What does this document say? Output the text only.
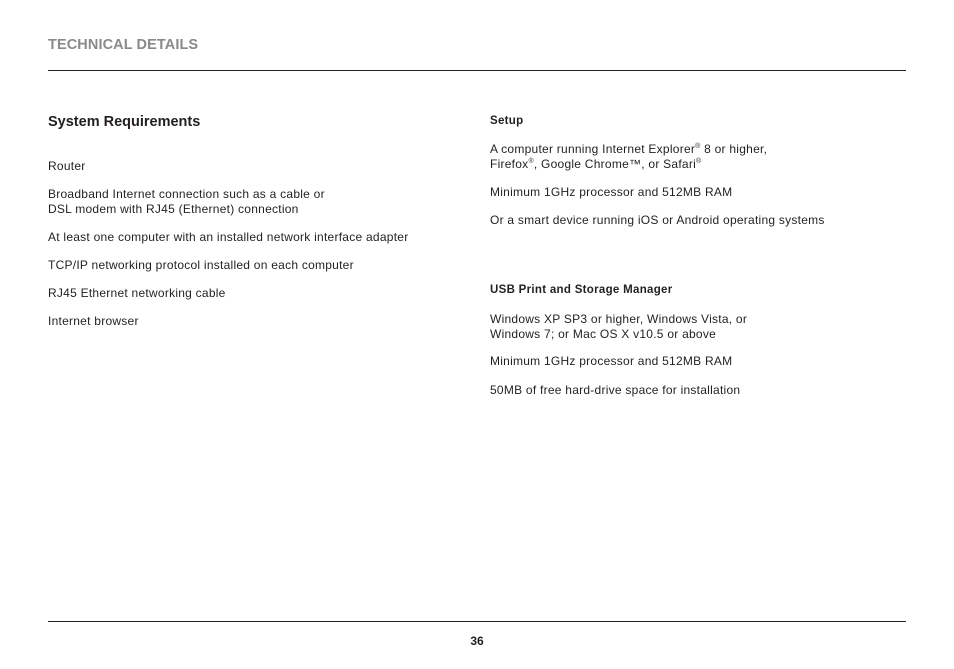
TECHNICAL DETAILS
System Requirements
Router
Broadband Internet connection such as a cable or
DSL modem with RJ45 (Ethernet) connection
At least one computer with an installed network interface adapter
TCP/IP networking protocol installed on each computer
RJ45 Ethernet networking cable
Internet browser
Setup
A computer running Internet Explorer® 8 or higher,
Firefox®, Google Chrome™, or Safari®
Minimum 1GHz processor and 512MB RAM
Or a smart device running iOS or Android operating systems
USB Print and Storage Manager
Windows XP SP3 or higher, Windows Vista, or
Windows 7; or Mac OS X v10.5 or above
Minimum 1GHz processor and 512MB RAM
50MB of free hard-drive space for installation
36
